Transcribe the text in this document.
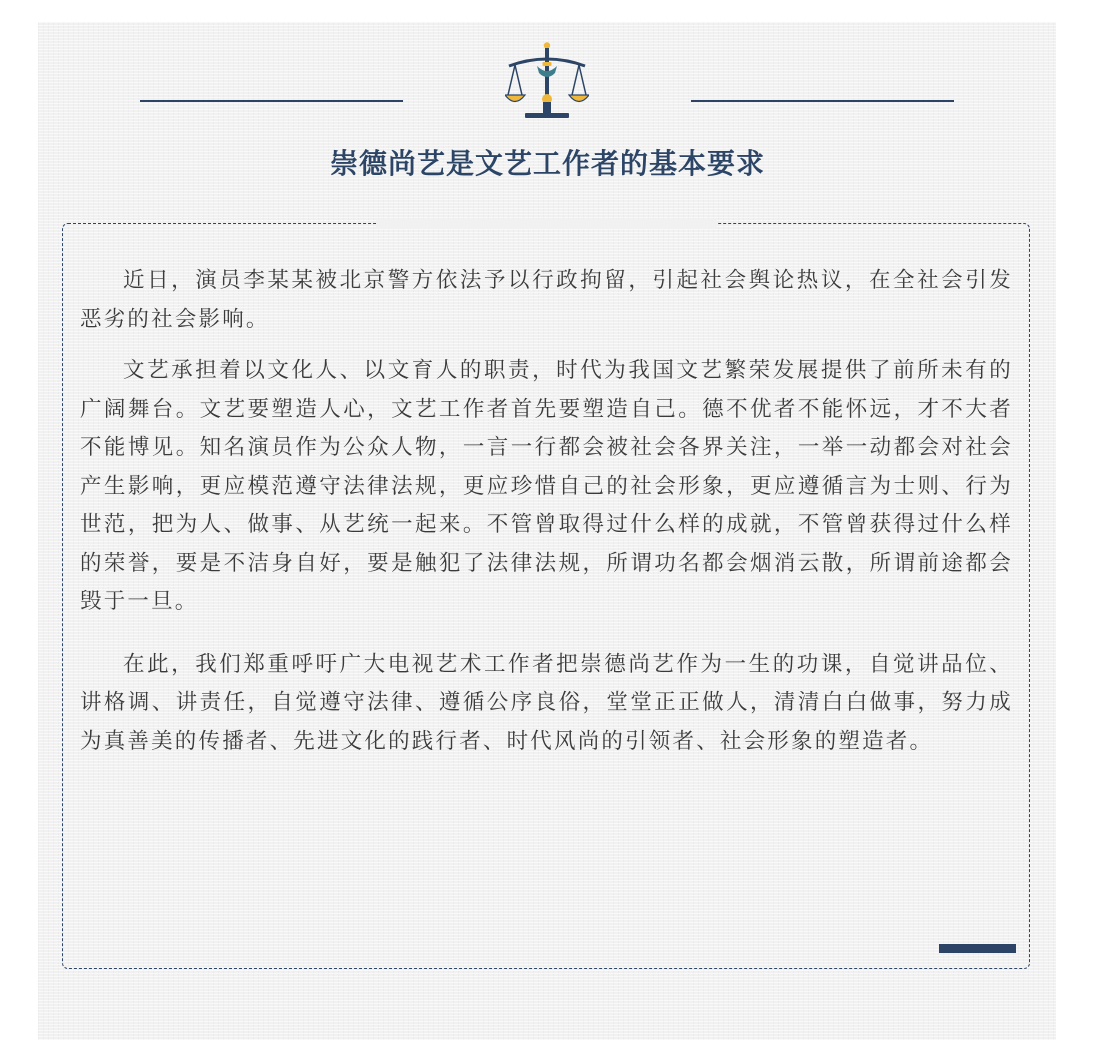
崇德尚艺是文艺工作者的基本要求

近日，演员李某某被北京警方依法予以行政拘留，引起社会舆论热议，在全社会引发恶劣的社会影响。

文艺承担着以文化人、以文育人的职责，时代为我国文艺繁荣发展提供了前所未有的广阔舞台。文艺要塑造人心，文艺工作者首先要塑造自己。德不优者不能怀远，才不大者不能博见。知名演员作为公众人物，一言一行都会被社会各界关注，一举一动都会对社会产生影响，更应模范遵守法律法规，更应珍惜自己的社会形象，更应遵循言为士则、行为世范，把为人、做事、从艺统一起来。不管曾取得过什么样的成就，不管曾获得过什么样的荣誉，要是不洁身自好，要是触犯了法律法规，所谓功名都会烟消云散，所谓前途都会毁于一旦。

在此，我们郑重呼吁广大电视艺术工作者把崇德尚艺作为一生的功课，自觉讲品位、讲格调、讲责任，自觉遵守法律、遵循公序良俗，堂堂正正做人，清清白白做事，努力成为真善美的传播者、先进文化的践行者、时代风尚的引领者、社会形象的塑造者。
